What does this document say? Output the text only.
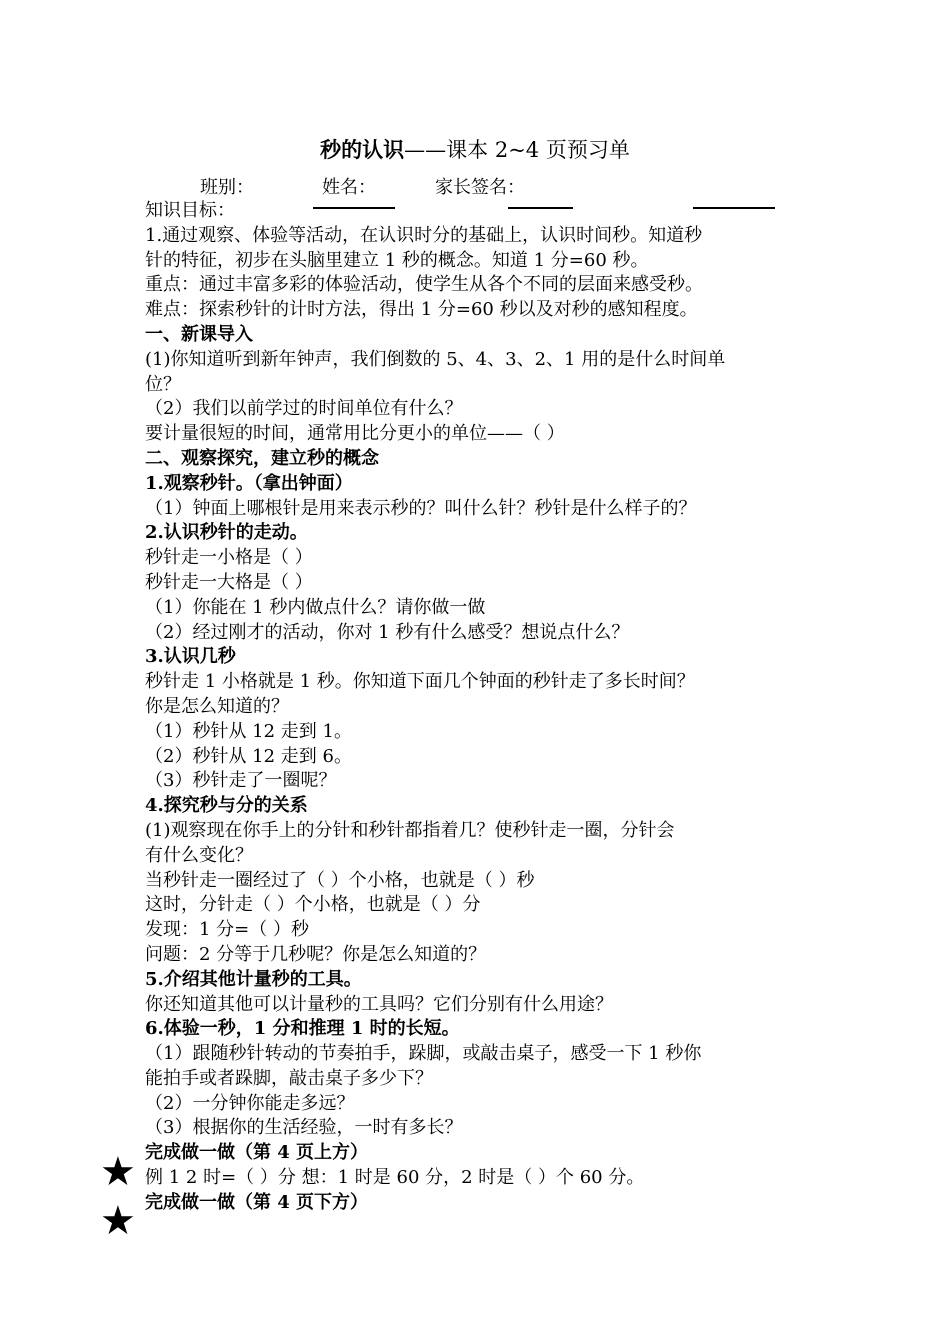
秒的认识——课本 2~4 页预习单
班别：	姓名：	家长签名：
知识目标：
1.通过观察、体验等活动，在认识时分的基础上，认识时间秒。知道秒
针的特征，初步在头脑里建立 1 秒的概念。知道 1 分=60 秒。
重点：通过丰富多彩的体验活动，使学生从各个不同的层面来感受秒。
难点：探索秒针的计时方法，得出 1 分=60 秒以及对秒的感知程度。
一、新课导入
(1)你知道听到新年钟声，我们倒数的 5、4、3、2、1 用的是什么时间单
位？
（2）我们以前学过的时间单位有什么？
要计量很短的时间，通常用比分更小的单位——（ ）
二、观察探究，建立秒的概念
1.观察秒针。（拿出钟面）
（1）钟面上哪根针是用来表示秒的？叫什么针？秒针是什么样子的？
2.认识秒针的走动。
秒针走一小格是（ ）
秒针走一大格是（ ）
（1）你能在 1 秒内做点什么？请你做一做
（2）经过刚才的活动，你对 1 秒有什么感受？想说点什么？
3.认识几秒
秒针走 1 小格就是 1 秒。你知道下面几个钟面的秒针走了多长时间？
你是怎么知道的？
（1）秒针从 12 走到 1。
（2）秒针从 12 走到 6。
（3）秒针走了一圈呢？
4.探究秒与分的关系
(1)观察现在你手上的分针和秒针都指着几？使秒针走一圈，分针会
有什么变化？
当秒针走一圈经过了（ ）个小格，也就是（ ）秒
这时，分针走（ ）个小格，也就是（ ）分
发现：1 分=（ ）秒
问题：2 分等于几秒呢？你是怎么知道的？
5.介绍其他计量秒的工具。
你还知道其他可以计量秒的工具吗？它们分别有什么用途？
6.体验一秒，1 分和推理 1 时的长短。
（1）跟随秒针转动的节奏拍手，跺脚，或敲击桌子，感受一下 1 秒你
能拍手或者跺脚，敲击桌子多少下？
（2）一分钟你能走多远？
（3）根据你的生活经验，一时有多长？
完成做一做（第 4 页上方）
例 1 2 时=（ ）分 想：1 时是 60 分，2 时是（ ）个 60 分。
完成做一做（第 4 页下方）
★
★
